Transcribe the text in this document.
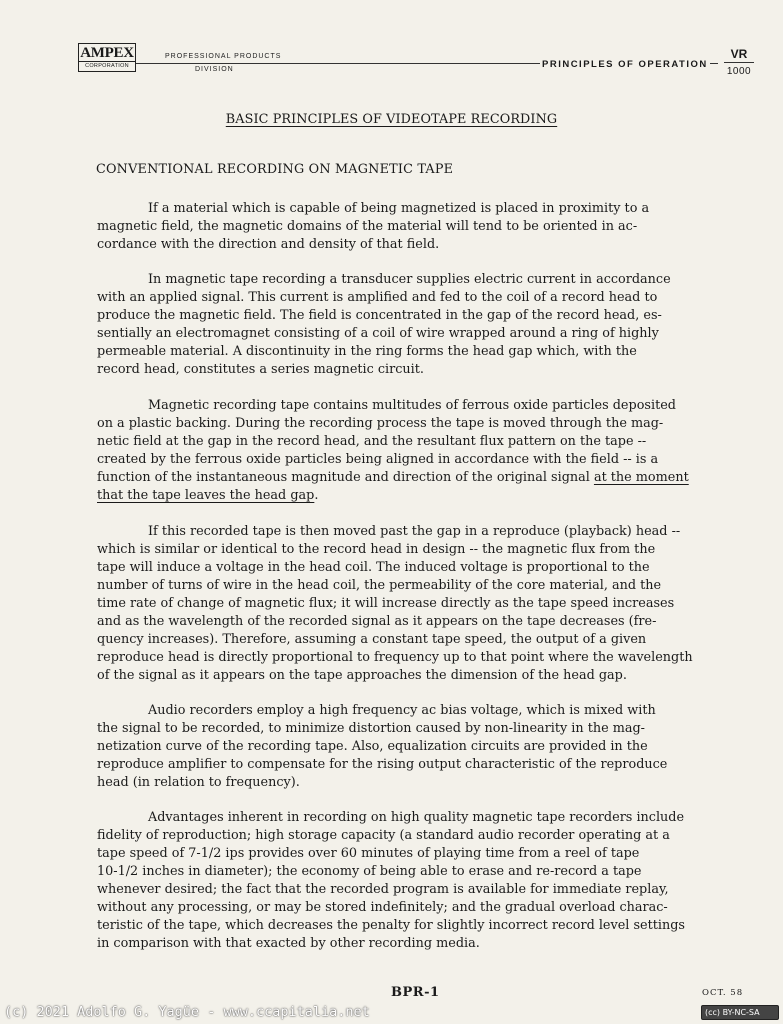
AMPEX
CORPORATION
PROFESSIONAL PRODUCTS
DIVISION	PRINCIPLES OF OPERATION
VR
1000
BASIC PRINCIPLES OF VIDEOTAPE RECORDING
CONVENTIONAL RECORDING ON MAGNETIC TAPE
If a material which is capable of being magnetized is placed in proximity to a
magnetic field, the magnetic domains of the material will tend to be oriented in ac-
cordance with the direction and density of that field.
In magnetic tape recording a transducer supplies electric current in accordance
with an applied signal. This current is amplified and fed to the coil of a record head to
produce the magnetic field. The field is concentrated in the gap of the record head, es-
sentially an electromagnet consisting of a coil of wire wrapped around a ring of highly
permeable material. A discontinuity in the ring forms the head gap which, with the
record head, constitutes a series magnetic circuit.
Magnetic recording tape contains multitudes of ferrous oxide particles deposited
on a plastic backing. During the recording process the tape is moved through the mag-
netic field at the gap in the record head, and the resultant flux pattern on the tape --
created by the ferrous oxide particles being aligned in accordance with the field -- is a
function of the instantaneous magnitude and direction of the original signal at the moment
that the tape leaves the head gap.
If this recorded tape is then moved past the gap in a reproduce (playback) head --
which is similar or identical to the record head in design -- the magnetic flux from the
tape will induce a voltage in the head coil. The induced voltage is proportional to the
number of turns of wire in the head coil, the permeability of the core material, and the
time rate of change of magnetic flux; it will increase directly as the tape speed increases
and as the wavelength of the recorded signal as it appears on the tape decreases (fre-
quency increases). Therefore, assuming a constant tape speed, the output of a given
reproduce head is directly proportional to frequency up to that point where the wavelength
of the signal as it appears on the tape approaches the dimension of the head gap.
Audio recorders employ a high frequency ac bias voltage, which is mixed with
the signal to be recorded, to minimize distortion caused by non-linearity in the mag-
netization curve of the recording tape. Also, equalization circuits are provided in the
reproduce amplifier to compensate for the rising output characteristic of the reproduce
head (in relation to frequency).
Advantages inherent in recording on high quality magnetic tape recorders include
fidelity of reproduction; high storage capacity (a standard audio recorder operating at a
tape speed of 7-1/2 ips provides over 60 minutes of playing time from a reel of tape
10-1/2 inches in diameter); the economy of being able to erase and re-record a tape
whenever desired; the fact that the recorded program is available for immediate replay,
without any processing, or may be stored indefinitely; and the gradual overload charac-
teristic of the tape, which decreases the penalty for slightly incorrect record level settings
in comparison with that exacted by other recording media.
BPR-1	OCT. 58
(c) 2021 Adolfo G. Yagüe - www.ccapitalia.net	(cc) BY-NC-SA
